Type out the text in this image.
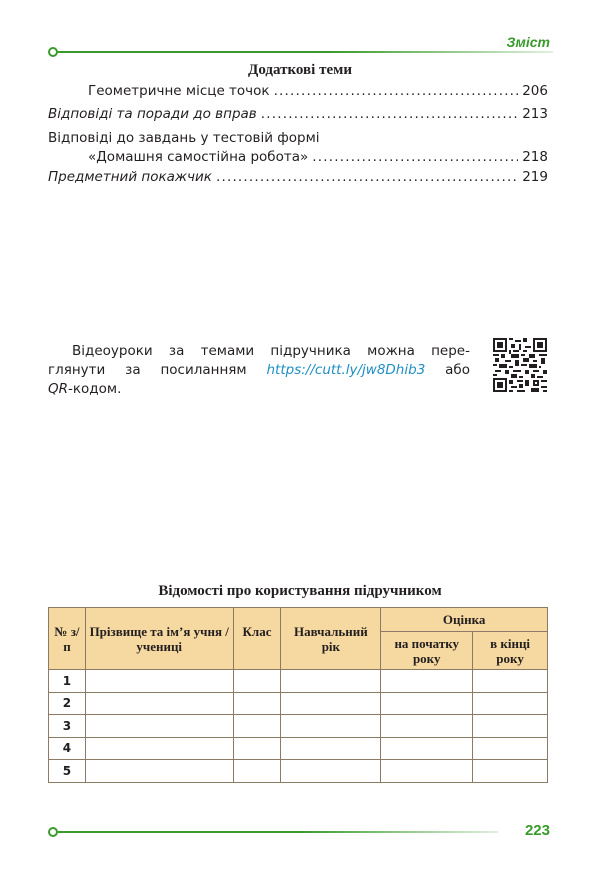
Зміст
Додаткові теми
Геометричне місце точок .....	206
Відповіді та поради до вправ .....	213
Відповіді до завдань у тестовій формі
«Домашня самостійна робота» .....	218
Предметний покажчик .....	219
Відеоуроки за темами підручника можна пере-
глянути за посиланням https://cutt.ly/jw8Dhib3 або
QR-кодом.
Відомості про користування підручником
№ з/п	Прізвище та ім’я учня / учениці	Клас	Навчальний рік	Оцінка	
				на початку року	в кінці року
1					
2					
3					
4					
5					
223
